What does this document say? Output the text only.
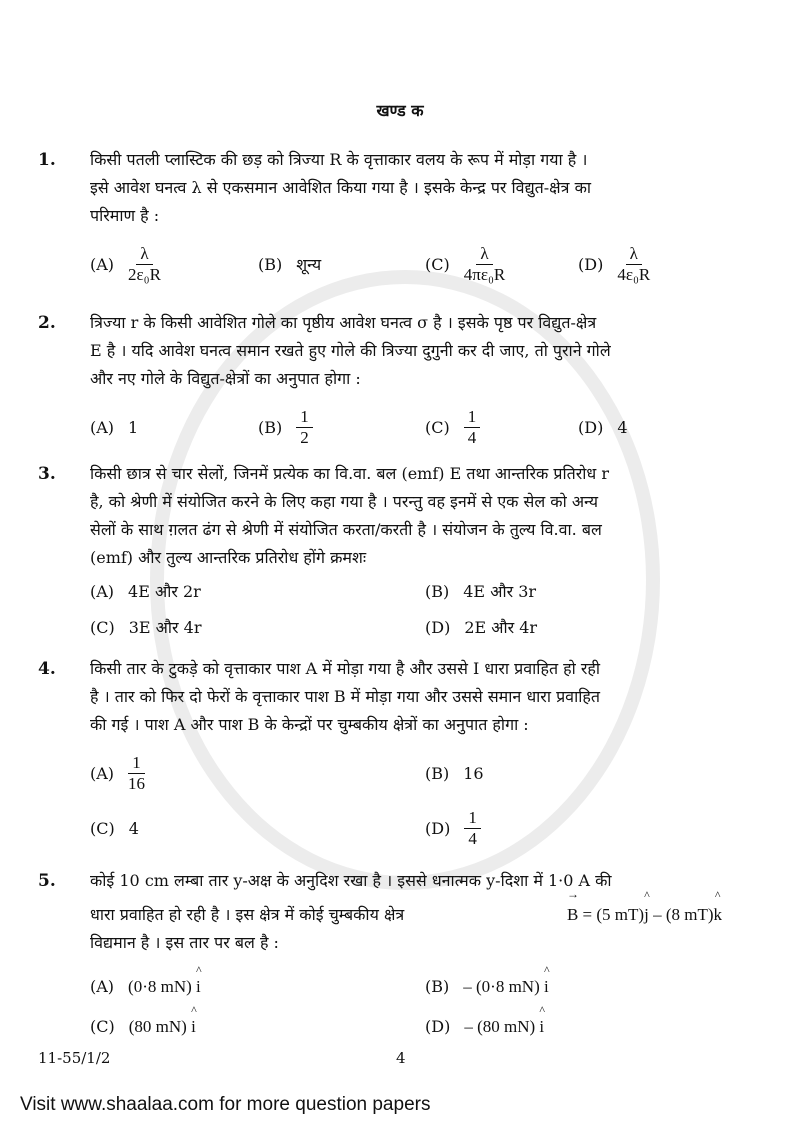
खण्ड क
1.	किसी पतली प्लास्टिक की छड़ को त्रिज्या R के वृत्ताकार वलय के रूप में मोड़ा गया है ।
इसे आवेश घनत्व λ से एकसमान आवेशित किया गया है । इसके केन्द्र पर विद्युत-क्षेत्र का
परिमाण है :
$(A) \frac{\lambda}{\text{2ε₀R}}$	(B) शून्य	$(C) \frac{\lambda}{\text{4πε₀R}}$	$(D) \frac{\lambda}{\text{4ε₀R}}$
2.	त्रिज्या r के किसी आवेशित गोले का पृष्ठीय आवेश घनत्व σ है । इसके पृष्ठ पर विद्युत-क्षेत्र
E है । यदि आवेश घनत्व समान रखते हुए गोले की त्रिज्या दुगुनी कर दी जाए, तो पुराने गोले
और नए गोले के विद्युत-क्षेत्रों का अनुपात होगा :
(A) 1	$(B) \frac{1}{2}$	$(C) \frac{1}{4}$	(D) 4
3.	किसी छात्र से चार सेलों, जिनमें प्रत्येक का वि.वा. बल (emf) E तथा आन्तरिक प्रतिरोध r
है, को श्रेणी में संयोजित करने के लिए कहा गया है । परन्तु वह इनमें से एक सेल को अन्य
सेलों के साथ ग़लत ढंग से श्रेणी में संयोजित करता/करती है । संयोजन के तुल्य वि.वा. बल
(emf) और तुल्य आन्तरिक प्रतिरोध होंगे क्रमशः
(A) 4E और 2r	(B) 4E और 3r
(C) 3E और 4r	(D) 2E और 4r
4.	किसी तार के टुकड़े को वृत्ताकार पाश A में मोड़ा गया है और उससे I धारा प्रवाहित हो रही
है । तार को फिर दो फेरों के वृत्ताकार पाश B में मोड़ा गया और उससे समान धारा प्रवाहित
की गई । पाश A और पाश B के केन्द्रों पर चुम्बकीय क्षेत्रों का अनुपात होगा :
$(A) \frac{1}{16}$	(B) 16
(C) 4	$(D) \frac{1}{4}$
5.	कोई 10 cm लम्बा तार y-अक्ष के अनुदिश रखा है । इससे धनात्मक y-दिशा में 1·0 A की
धारा प्रवाहित हो रही है । इस क्षेत्र में कोई चुम्बकीय क्षेत्र	→ B = (5 mT)^ j – (8 mT)^ k
विद्यमान है । इस तार पर बल है :
(A) (0·8 mN) ^ i	(B) – (0·8 mN) ^ i
(C) (80 mN) ^ i	(D) – (80 mN) ^ i
11-55/1/2	4
Visit www.shaalaa.com for more question papers
